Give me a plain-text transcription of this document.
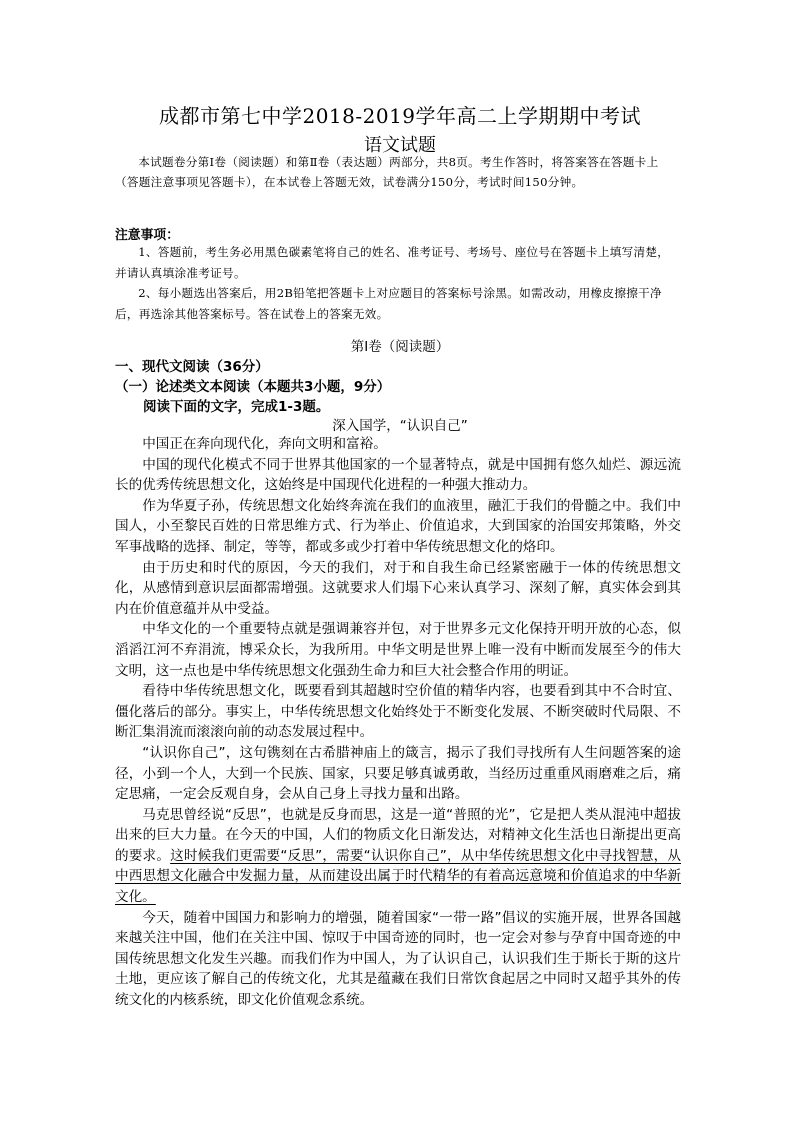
成都市第七中学2018-2019学年高二上学期期中考试
语文试题
本试题卷分第Ⅰ卷（阅读题）和第Ⅱ卷（表达题）两部分，共8页。考生作答时，将答案答在答题卡上（答题注意事项见答题卡），在本试卷上答题无效，试卷满分150分，考试时间150分钟。
注意事项：
1、答题前，考生务必用黑色碳素笔将自己的姓名、准考证号、考场号、座位号在答题卡上填写清楚，并请认真填涂准考证号。
2、每小题选出答案后，用2B铅笔把答题卡上对应题目的答案标号涂黑。如需改动，用橡皮擦擦干净后，再选涂其他答案标号。答在试卷上的答案无效。
第Ⅰ卷（阅读题）
一、现代文阅读（36分）
（一）论述类文本阅读（本题共3小题，9分）
阅读下面的文字，完成1-3题。
深入国学，“认识自己”

中国正在奔向现代化，奔向文明和富裕。

中国的现代化模式不同于世界其他国家的一个显著特点，就是中国拥有悠久灿烂、源远流长的优秀传统思想文化，这始终是中国现代化进程的一种强大推动力。

作为华夏子孙，传统思想文化始终奔流在我们的血液里，融汇于我们的骨髓之中。我们中国人，小至黎民百姓的日常思维方式、行为举止、价值追求，大到国家的治国安邦策略，外交军事战略的选择、制定，等等，都或多或少打着中华传统思想文化的烙印。

由于历史和时代的原因，今天的我们，对于和自我生命已经紧密融于一体的传统思想文化，从感情到意识层面都需增强。这就要求人们塌下心来认真学习、深刻了解，真实体会到其内在价值意蕴并从中受益。

中华文化的一个重要特点就是强调兼容并包，对于世界多元文化保持开明开放的心态，似滔滔江河不弃涓流，博采众长，为我所用。中华文明是世界上唯一没有中断而发展至今的伟大文明，这一点也是中华传统思想文化强劲生命力和巨大社会整合作用的明证。

看待中华传统思想文化，既要看到其超越时空价值的精华内容，也要看到其中不合时宜、僵化落后的部分。事实上，中华传统思想文化始终处于不断变化发展、不断突破时代局限、不断汇集涓流而滚滚向前的动态发展过程中。

“认识你自己”，这句镌刻在古希腊神庙上的箴言，揭示了我们寻找所有人生问题答案的途径，小到一个人，大到一个民族、国家，只要足够真诚勇敢，当经历过重重风雨磨难之后，痛定思痛，一定会反观自身，会从自己身上寻找力量和出路。

马克思曾经说“反思”，也就是反身而思，这是一道“普照的光”，它是把人类从混沌中超拔出来的巨大力量。在今天的中国，人们的物质文化日渐发达，对精神文化生活也日渐提出更高的要求。这时候我们更需要“反思”，需要“认识你自己”，从中华传统思想文化中寻找智慧，从中西思想文化融合中发掘力量，从而建设出属于时代精华的有着高远意境和价值追求的中华新文化。

今天，随着中国国力和影响力的增强，随着国家“一带一路”倡议的实施开展，世界各国越来越关注中国，他们在关注中国、惊叹于中国奇迹的同时，也一定会对参与孕育中国奇迹的中国传统思想文化发生兴趣。而我们作为中国人，为了认识自己，认识我们生于斯长于斯的这片土地，更应该了解自己的传统文化，尤其是蕴藏在我们日常饮食起居之中同时又超乎其外的传统文化的内核系统，即文化价值观念系统。
